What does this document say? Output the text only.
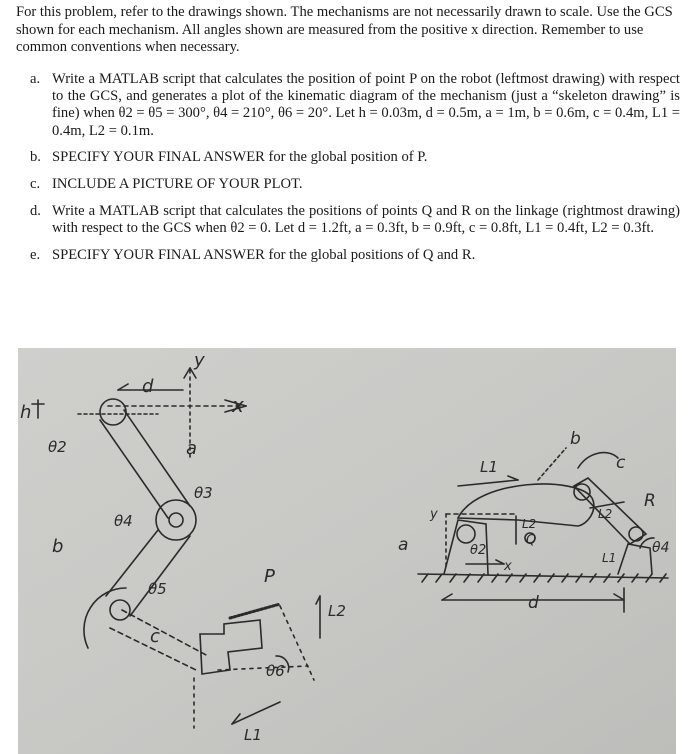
For this problem, refer to the drawings shown. The mechanisms are not necessarily drawn to scale. Use the GCS shown for each mechanism. All angles shown are measured from the positive x direction. Remember to use common conventions when necessary.
a. Write a MATLAB script that calculates the position of point P on the robot (leftmost drawing) with respect to the GCS, and generates a plot of the kinematic diagram of the mechanism (just a “skeleton drawing” is fine) when θ2 = θ5 = 300°, θ4 = 210°, θ6 = 20°. Let h = 0.03m, d = 0.5m, a = 1m, b = 0.6m, c = 0.4m, L1 = 0.4m, L2 = 0.1m.
b. SPECIFY YOUR FINAL ANSWER for the global position of P.
c. INCLUDE A PICTURE OF YOUR PLOT.
d. Write a MATLAB script that calculates the positions of points Q and R on the linkage (rightmost drawing) with respect to the GCS when θ2 = 0. Let d = 1.2ft, a = 0.3ft, b = 0.9ft, c = 0.8ft, L1 = 0.4ft, L2 = 0.3ft.
e. SPECIFY YOUR FINAL ANSWER for the global positions of Q and R.
y
x
d
h
θ2	a
θ3
θ4
b
θ5
c
P
L2
θ6
L1
b
c
L1
L2
R
y
L2
Q
a	θ2
x
θ4
L1
d
